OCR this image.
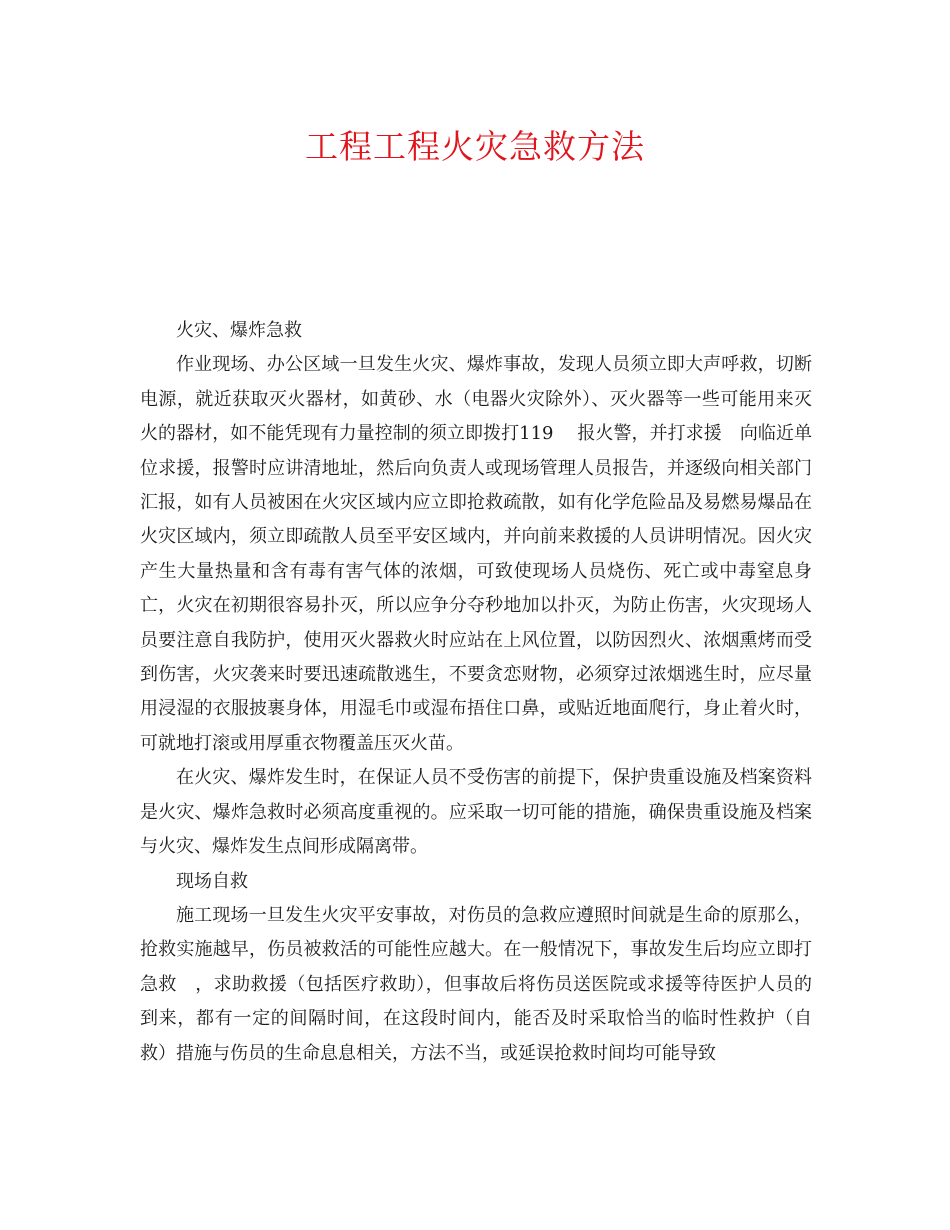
工程工程火灾急救方法

火灾、爆炸急救

作业现场、办公区域一旦发生火灾、爆炸事故，发现人员须立即大声呼救，切断电源，就近获取灭火器材，如黄砂、水（电器火灾除外）、灭火器等一些可能用来灭火的器材，如不能凭现有力量控制的须立即拨打119　 报火警，并打求援　向临近单位求援，报警时应讲清地址，然后向负责人或现场管理人员报告，并逐级向相关部门汇报，如有人员被困在火灾区域内应立即抢救疏散，如有化学危险品及易燃易爆品在火灾区域内，须立即疏散人员至平安区域内，并向前来救援的人员讲明情况。因火灾产生大量热量和含有毒有害气体的浓烟，可致使现场人员烧伤、死亡或中毒窒息身亡，火灾在初期很容易扑灭，所以应争分夺秒地加以扑灭，为防止伤害，火灾现场人员要注意自我防护，使用灭火器救火时应站在上风位置，以防因烈火、浓烟熏烤而受到伤害，火灾袭来时要迅速疏散逃生，不要贪恋财物，必须穿过浓烟逃生时，应尽量用浸湿的衣服披裹身体，用湿毛巾或湿布捂住口鼻，或贴近地面爬行，身止着火时，可就地打滚或用厚重衣物覆盖压灭火苗。

在火灾、爆炸发生时，在保证人员不受伤害的前提下，保护贵重设施及档案资料是火灾、爆炸急救时必须高度重视的。应采取一切可能的措施，确保贵重设施及档案与火灾、爆炸发生点间形成隔离带。

现场自救

施工现场一旦发生火灾平安事故，对伤员的急救应遵照时间就是生命的原那么，抢救实施越早，伤员被救活的可能性应越大。在一般情况下，事故发生后均应立即打急救　，求助救援（包括医疗救助），但事故后将伤员送医院或求援等待医护人员的到来，都有一定的间隔时间，在这段时间内，能否及时采取恰当的临时性救护（自救）措施与伤员的生命息息相关，方法不当，或延误抢救时间均可能导致
